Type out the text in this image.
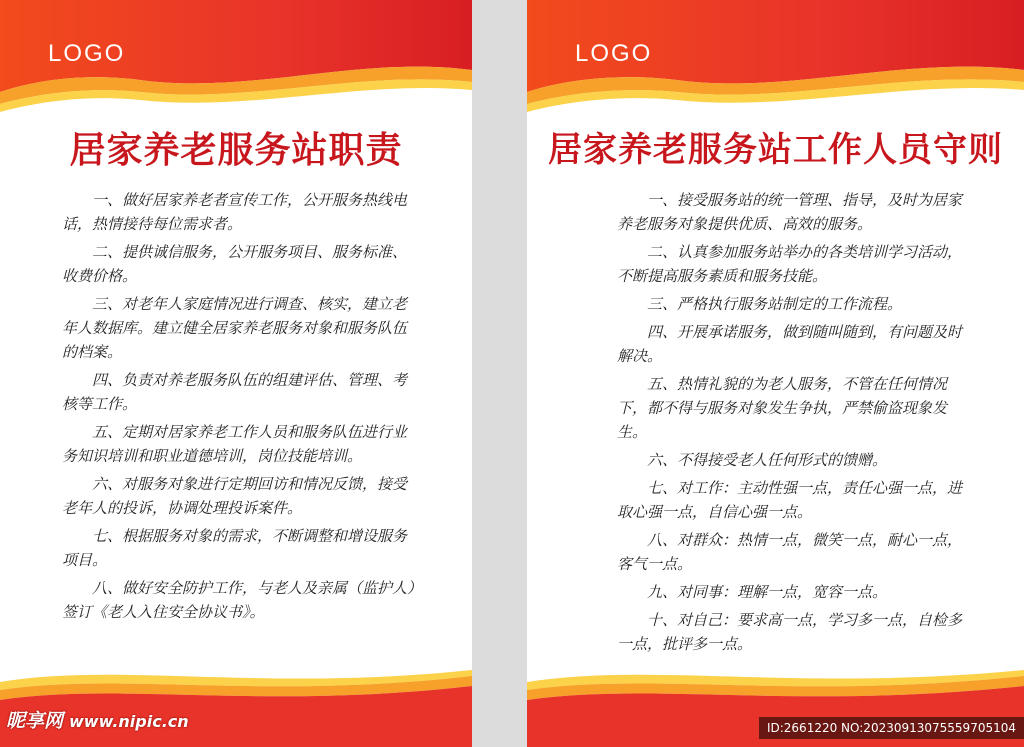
LOGO
居家养老服务站职责

一、做好居家养老者宣传工作，公开服务热线电话，热情接待每位需求者。

二、提供诚信服务，公开服务项目、服务标准、收费价格。

三、对老年人家庭情况进行调查、核实，建立老年人数据库。建立健全居家养老服务对象和服务队伍的档案。

四、负责对养老服务队伍的组建评估、管理、考核等工作。

五、定期对居家养老工作人员和服务队伍进行业务知识培训和职业道德培训，岗位技能培训。

六、对服务对象进行定期回访和情况反馈，接受老年人的投诉，协调处理投诉案件。

七、根据服务对象的需求，不断调整和增设服务项目。

八、做好安全防护工作，与老人及亲属（监护人）签订《老人入住安全协议书》。

昵享网 www.nipic.cn
LOGO
居家养老服务站工作人员守则

一、接受服务站的统一管理、指导，及时为居家养老服务对象提供优质、高效的服务。

二、认真参加服务站举办的各类培训学习活动，不断提高服务素质和服务技能。

三、严格执行服务站制定的工作流程。

四、开展承诺服务，做到随叫随到，有问题及时解决。

五、热情礼貌的为老人服务，不管在任何情况下，都不得与服务对象发生争执，严禁偷盗现象发生。

六、不得接受老人任何形式的馈赠。

七、对工作：主动性强一点，责任心强一点，进取心强一点，自信心强一点。

八、对群众：热情一点，微笑一点，耐心一点，客气一点。

九、对同事：理解一点，宽容一点。

十、对自己：要求高一点，学习多一点，自检多一点，批评多一点。

ID:2661220 NO:20230913075559705104
